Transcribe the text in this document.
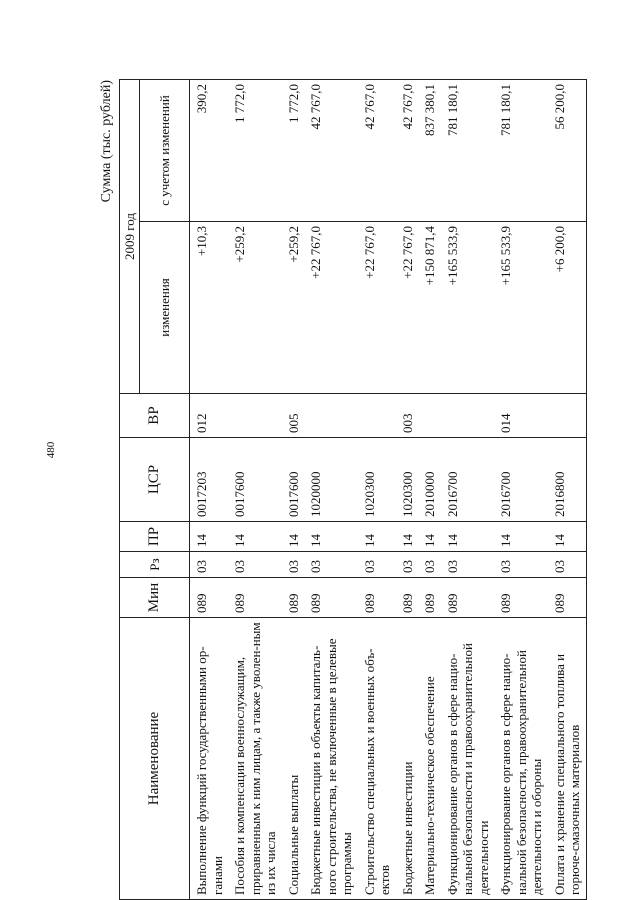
480
Сумма (тыс. рублей)
Наименование	Мин	Рз	ПР	ЦСР	ВР	2009 год	
						изменения	с учетом изменений
Выполнение функций государственными ор-ганами	089	03	14	0017203	012	+10,3	390,2
Пособия и компенсации военнослужащим, приравненным к ним лицам, а также уволен-ным из их числа	089	03	14	0017600		+259,2	1 772,0
Социальные выплаты	089	03	14	0017600	005	+259,2	1 772,0
Бюджетные инвестиции в объекты капиталь-ного строительства, не включенные в целевые программы	089	03	14	1020000		+22 767,0	42 767,0
Строительство специальных и военных объ-ектов	089	03	14	1020300		+22 767,0	42 767,0
Бюджетные инвестиции	089	03	14	1020300	003	+22 767,0	42 767,0
Материально-техническое обеспечение	089	03	14	2010000		+150 871,4	837 380,1
Функционирование органов в сфере нацио-нальной безопасности и правоохранительной деятельности	089	03	14	2016700		+165 533,9	781 180,1
Функционирование органов в сфере нацио-нальной безопасности, правоохранительной деятельности и обороны	089	03	14	2016700	014	+165 533,9	781 180,1
Оплата и хранение специального топлива и горюче-смазочных материалов	089	03	14	2016800		+6 200,0	56 200,0
